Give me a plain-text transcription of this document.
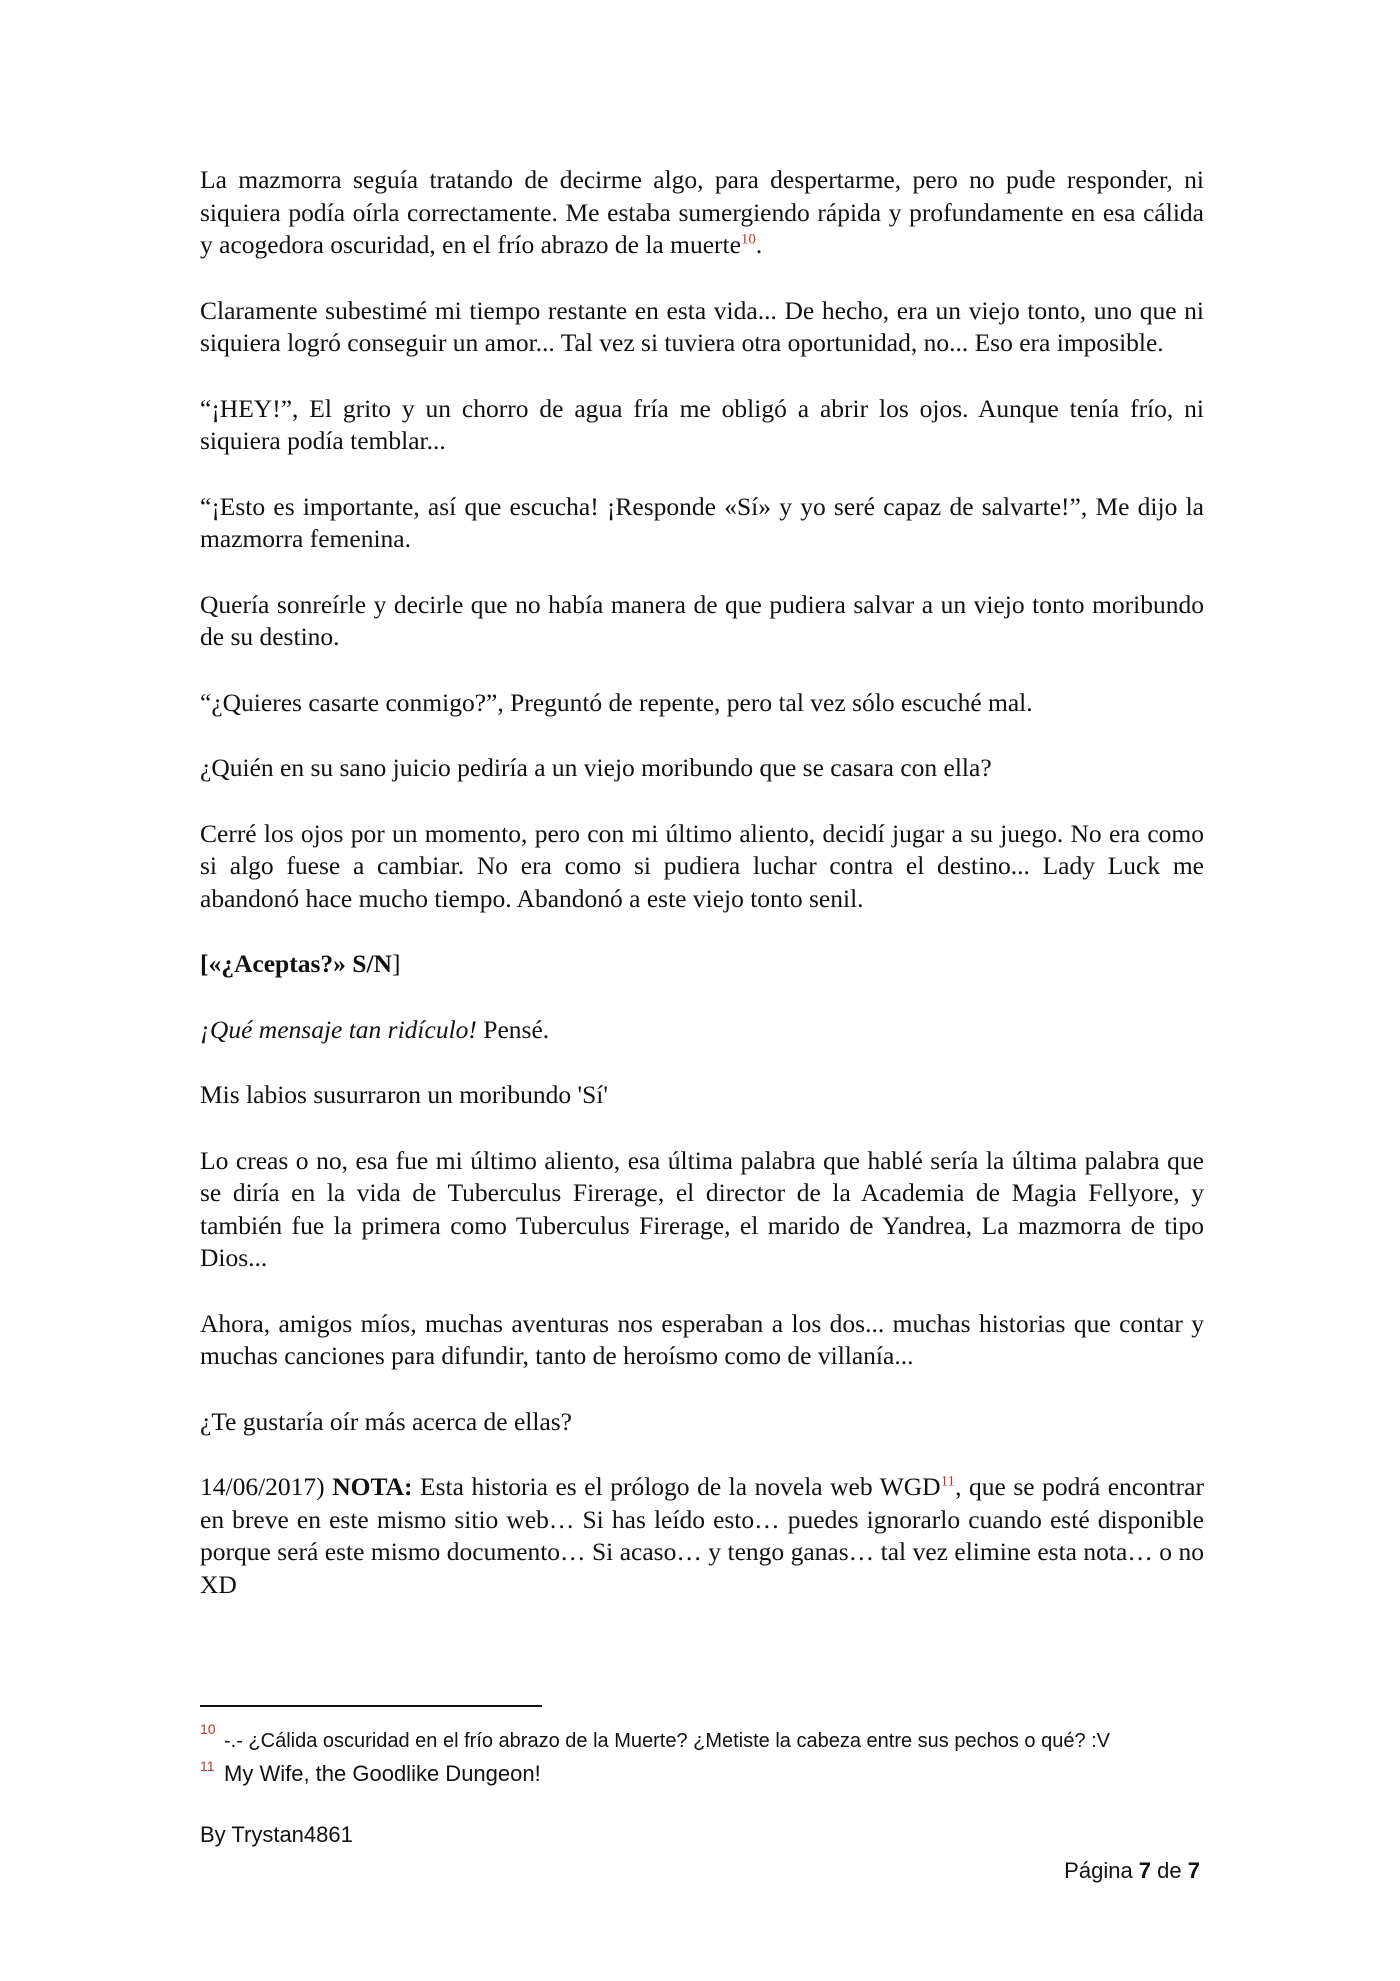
La mazmorra seguía tratando de decirme algo, para despertarme, pero no pude responder, ni siquiera podía oírla correctamente. Me estaba sumergiendo rápida y profundamente en esa cálida y acogedora oscuridad, en el frío abrazo de la muerte$^{10}$.

Claramente subestimé mi tiempo restante en esta vida... De hecho, era un viejo tonto, uno que ni siquiera logró conseguir un amor... Tal vez si tuviera otra oportunidad, no... Eso era imposible.

“¡HEY!”, El grito y un chorro de agua fría me obligó a abrir los ojos. Aunque tenía frío, ni siquiera podía temblar...

“¡Esto es importante, así que escucha! ¡Responde «Sí» y yo seré capaz de salvarte!”, Me dijo la mazmorra femenina.

Quería sonreírle y decirle que no había manera de que pudiera salvar a un viejo tonto moribundo de su destino.

“¿Quieres casarte conmigo?”, Preguntó de repente, pero tal vez sólo escuché mal.

¿Quién en su sano juicio pediría a un viejo moribundo que se casara con ella?

Cerré los ojos por un momento, pero con mi último aliento, decidí jugar a su juego. No era como si algo fuese a cambiar. No era como si pudiera luchar contra el destino... Lady Luck me abandonó hace mucho tiempo. Abandonó a este viejo tonto senil.

[«¿Aceptas?» S/N]

¡Qué mensaje tan ridículo! Pensé.

Mis labios susurraron un moribundo 'Sí'

Lo creas o no, esa fue mi último aliento, esa última palabra que hablé sería la última palabra que se diría en la vida de Tuberculus Firerage, el director de la Academia de Magia Fellyore, y también fue la primera como Tuberculus Firerage, el marido de Yandrea, La mazmorra de tipo Dios...

Ahora, amigos míos, muchas aventuras nos esperaban a los dos... muchas historias que contar y muchas canciones para difundir, tanto de heroísmo como de villanía...

¿Te gustaría oír más acerca de ellas?

14/06/2017) NOTA: Esta historia es el prólogo de la novela web WGD$^{11}$, que se podrá encontrar en breve en este mismo sitio web… Si has leído esto… puedes ignorarlo cuando esté disponible porque será este mismo documento… Si acaso… y tengo ganas… tal vez elimine esta nota… o no XD

10
-.- ¿Cálida oscuridad en el frío abrazo de la Muerte? ¿Metiste la cabeza entre sus pechos o qué? :V
11 My Wife, the Goodlike Dungeon!
By Trystan4861
Página 7 de 7
